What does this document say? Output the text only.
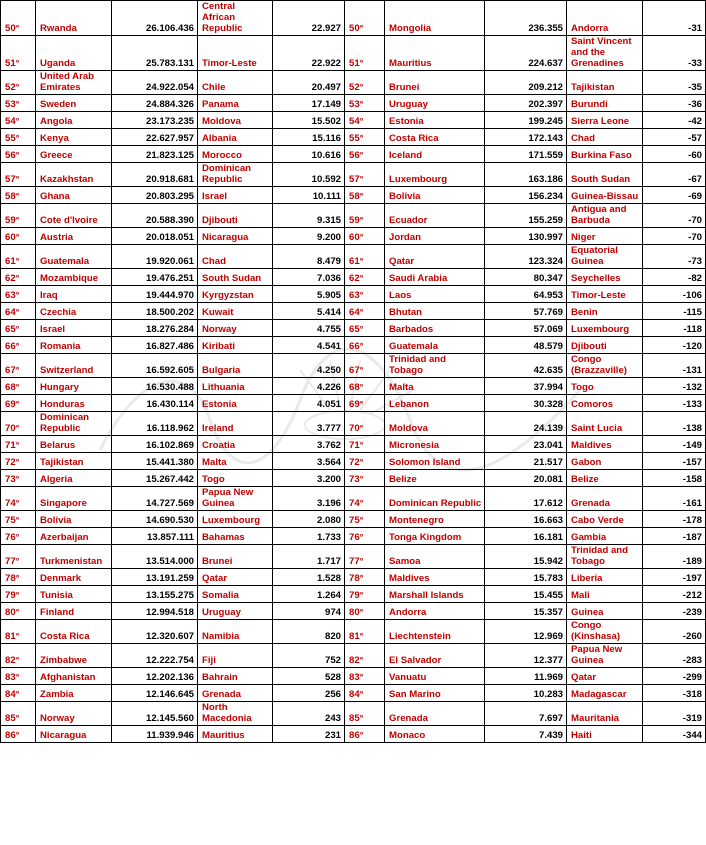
50°	Rwanda	26.106.436	Central African Republic	22.927	50°	Mongolia	236.355	Andorra	-31
51°	Uganda	25.783.131	Timor-Leste	22.922	51°	Mauritius	224.637	Saint Vincent and the Grenadines	-33
52°	United Arab Emirates	24.922.054	Chile	20.497	52°	Brunei	209.212	Tajikistan	-35
53°	Sweden	24.884.326	Panama	17.149	53°	Uruguay	202.397	Burundi	-36
54°	Angola	23.173.235	Moldova	15.502	54°	Estonia	199.245	Sierra Leone	-42
55°	Kenya	22.627.957	Albania	15.116	55°	Costa Rica	172.143	Chad	-57
56°	Greece	21.823.125	Morocco	10.616	56°	Iceland	171.559	Burkina Faso	-60
57°	Kazakhstan	20.918.681	Dominican Republic	10.592	57°	Luxembourg	163.186	South Sudan	-67
58°	Ghana	20.803.295	Israel	10.111	58°	Bolivia	156.234	Guinea-Bissau	-69
59°	Cote d'Ivoire	20.588.390	Djibouti	9.315	59°	Ecuador	155.259	Antigua and Barbuda	-70
60°	Austria	20.018.051	Nicaragua	9.200	60°	Jordan	130.997	Niger	-70
61°	Guatemala	19.920.061	Chad	8.479	61°	Qatar	123.324	Equatorial Guinea	-73
62°	Mozambique	19.476.251	South Sudan	7.036	62°	Saudi Arabia	80.347	Seychelles	-82
63°	Iraq	19.444.970	Kyrgyzstan	5.905	63°	Laos	64.953	Timor-Leste	-106
64°	Czechia	18.500.202	Kuwait	5.414	64°	Bhutan	57.769	Benin	-115
65°	Israel	18.276.284	Norway	4.755	65°	Barbados	57.069	Luxembourg	-118
66°	Romania	16.827.486	Kiribati	4.541	66°	Guatemala	48.579	Djibouti	-120
67°	Switzerland	16.592.605	Bulgaria	4.250	67°	Trinidad and Tobago	42.635	Congo (Brazzaville)	-131
68°	Hungary	16.530.488	Lithuania	4.226	68°	Malta	37.994	Togo	-132
69°	Honduras	16.430.114	Estonia	4.051	69°	Lebanon	30.328	Comoros	-133
70°	Dominican Republic	16.118.962	Ireland	3.777	70°	Moldova	24.139	Saint Lucia	-138
71°	Belarus	16.102.869	Croatia	3.762	71°	Micronesia	23.041	Maldives	-149
72°	Tajikistan	15.441.380	Malta	3.564	72°	Solomon Island	21.517	Gabon	-157
73°	Algeria	15.267.442	Togo	3.200	73°	Belize	20.081	Belize	-158
74°	Singapore	14.727.569	Papua New Guinea	3.196	74°	Dominican Republic	17.612	Grenada	-161
75°	Bolivia	14.690.530	Luxembourg	2.080	75°	Montenegro	16.663	Cabo Verde	-178
76°	Azerbaijan	13.857.111	Bahamas	1.733	76°	Tonga Kingdom	16.181	Gambia	-187
77°	Turkmenistan	13.514.000	Brunei	1.717	77°	Samoa	15.942	Trinidad and Tobago	-189
78°	Denmark	13.191.259	Qatar	1.528	78°	Maldives	15.783	Liberia	-197
79°	Tunisia	13.155.275	Somalia	1.264	79°	Marshall Islands	15.455	Mali	-212
80°	Finland	12.994.518	Uruguay	974	80°	Andorra	15.357	Guinea	-239
81°	Costa Rica	12.320.607	Namibia	820	81°	Liechtenstein	12.969	Congo (Kinshasa)	-260
82°	Zimbabwe	12.222.754	Fiji	752	82°	El Salvador	12.377	Papua New Guinea	-283
83°	Afghanistan	12.202.136	Bahrain	528	83°	Vanuatu	11.969	Qatar	-299
84°	Zambia	12.146.645	Grenada	256	84°	San Marino	10.283	Madagascar	-318
85°	Norway	12.145.560	North Macedonia	243	85°	Grenada	7.697	Mauritania	-319
86°	Nicaragua	11.939.946	Mauritius	231	86°	Monaco	7.439	Haiti	-344
